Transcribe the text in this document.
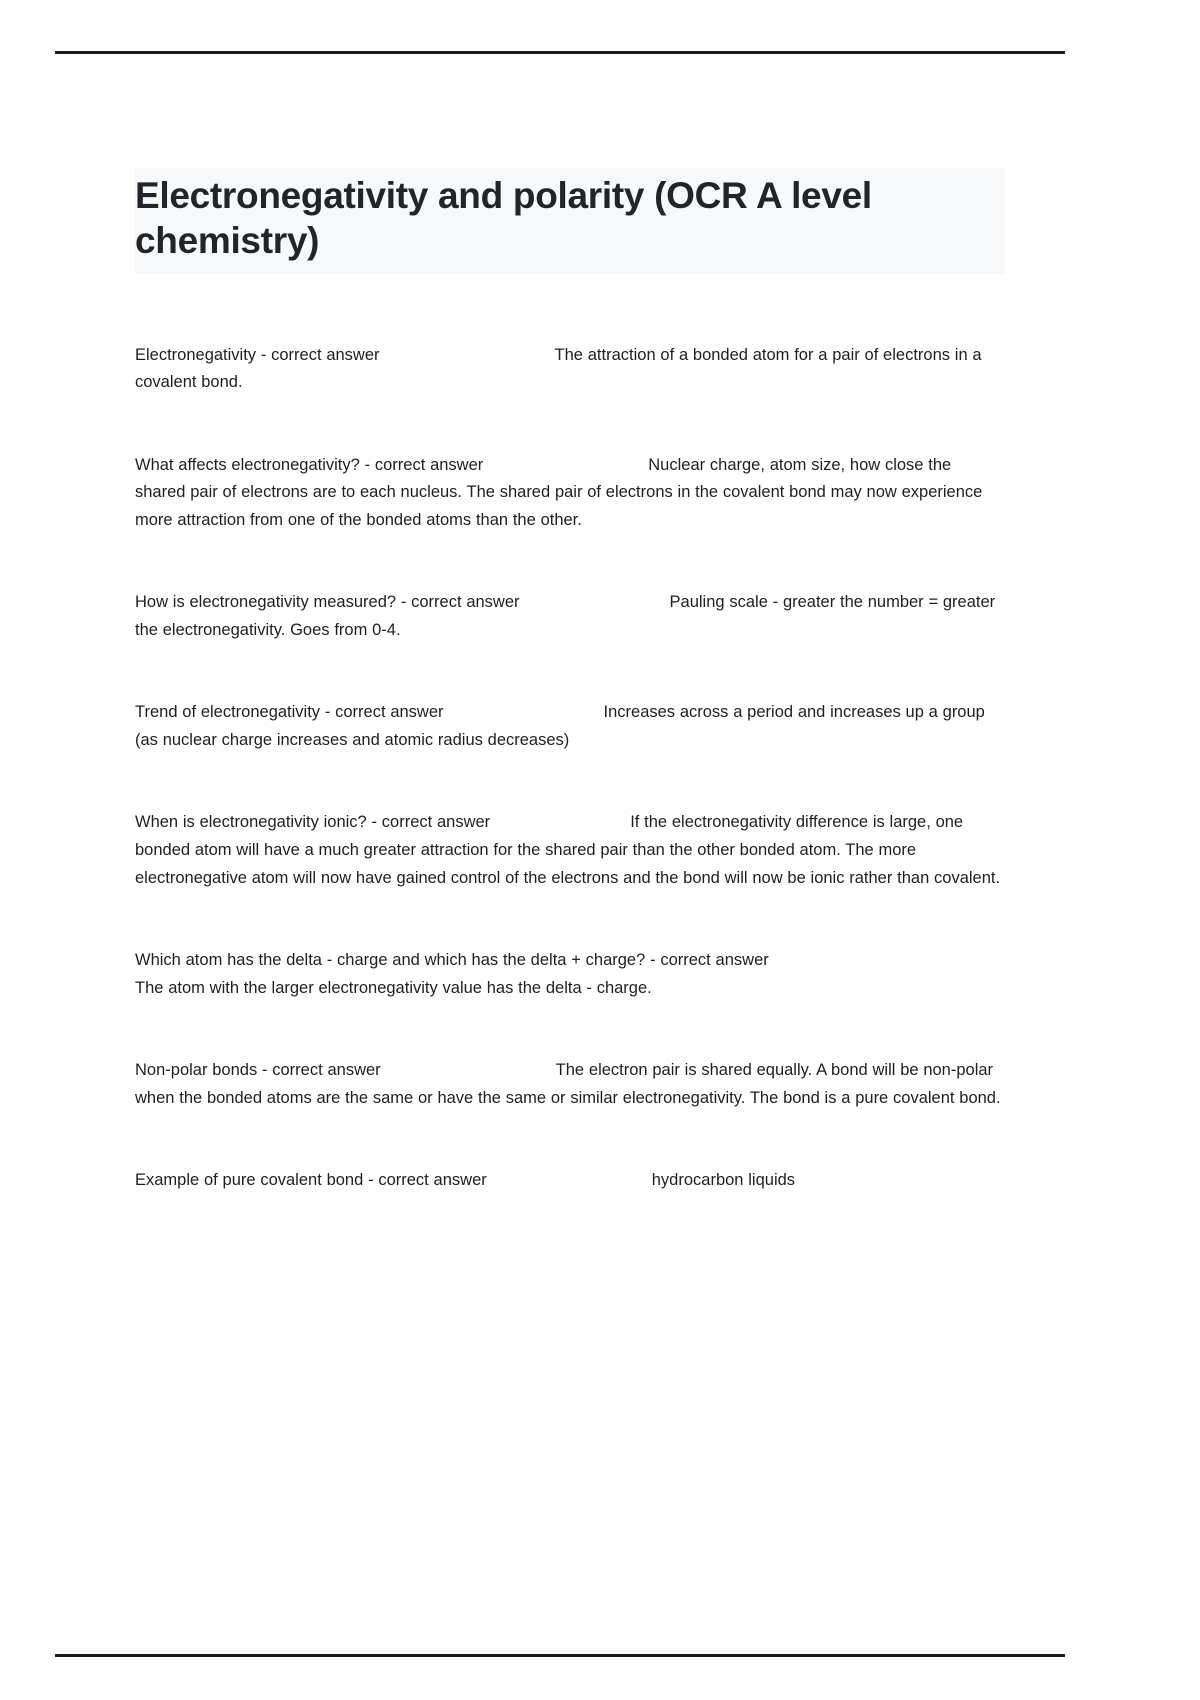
Electronegativity and polarity (OCR A level chemistry)
Electronegativity - correct answer	The attraction of a bonded atom for a pair of electrons in a covalent bond.
What affects electronegativity? - correct answer	Nuclear charge, atom size, how close the shared pair of electrons are to each nucleus. The shared pair of electrons in the covalent bond may now experience more attraction from one of the bonded atoms than the other.
How is electronegativity measured? - correct answer	Pauling scale - greater the number = greater the electronegativity. Goes from 0-4.
Trend of electronegativity - correct answer	Increases across a period and increases up a group (as nuclear charge increases and atomic radius decreases)
When is electronegativity ionic? - correct answer	If the electronegativity difference is large, one bonded atom will have a much greater attraction for the shared pair than the other bonded atom. The more electronegative atom will now have gained control of the electrons and the bond will now be ionic rather than covalent.
Which atom has the delta - charge and which has the delta + charge? - correct answer
The atom with the larger electronegativity value has the delta - charge.
Non-polar bonds - correct answer	The electron pair is shared equally. A bond will be non-polar when the bonded atoms are the same or have the same or similar electronegativity. The bond is a pure covalent bond.
Example of pure covalent bond - correct answer	hydrocarbon liquids
